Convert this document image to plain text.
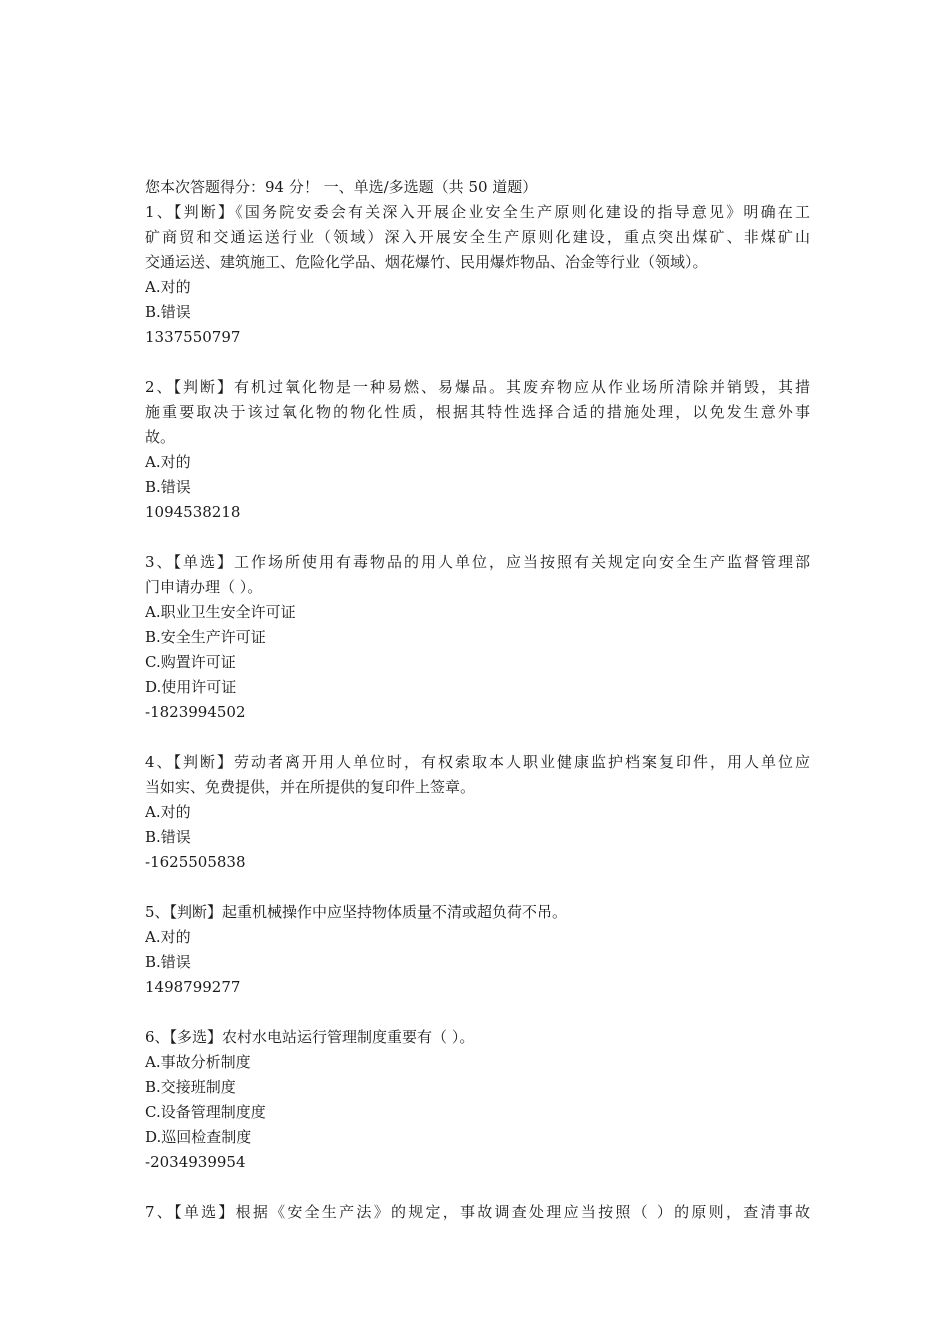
您本次答题得分：94 分！ 一、单选/多选题（共 50 道题）
1、【判断】《国务院安委会有关深入开展企业安全生产原则化建设的指导意见》明确在工
矿商贸和交通运送行业（领域）深入开展安全生产原则化建设，重点突出煤矿、非煤矿山
交通运送、建筑施工、危险化学品、烟花爆竹、民用爆炸物品、冶金等行业（领域）。
A.对的
B.错误
1337550797
2、【判断】有机过氧化物是一种易燃、易爆品。其废弃物应从作业场所清除并销毁，其措
施重要取决于该过氧化物的物化性质，根据其特性选择合适的措施处理，以免发生意外事
故。
A.对的
B.错误
1094538218
3、【单选】工作场所使用有毒物品的用人单位，应当按照有关规定向安全生产监督管理部
门申请办理（ ）。
A.职业卫生安全许可证
B.安全生产许可证
C.购置许可证
D.使用许可证
-1823994502
4、【判断】劳动者离开用人单位时，有权索取本人职业健康监护档案复印件，用人单位应
当如实、免费提供，并在所提供的复印件上签章。
A.对的
B.错误
-1625505838
5、【判断】起重机械操作中应坚持物体质量不清或超负荷不吊。
A.对的
B.错误
1498799277
6、【多选】农村水电站运行管理制度重要有（ ）。
A.事故分析制度
B.交接班制度
C.设备管理制度度
D.巡回检查制度
-2034939954
7、【单选】根据《安全生产法》的规定，事故调查处理应当按照（ ）的原则，查清事故
